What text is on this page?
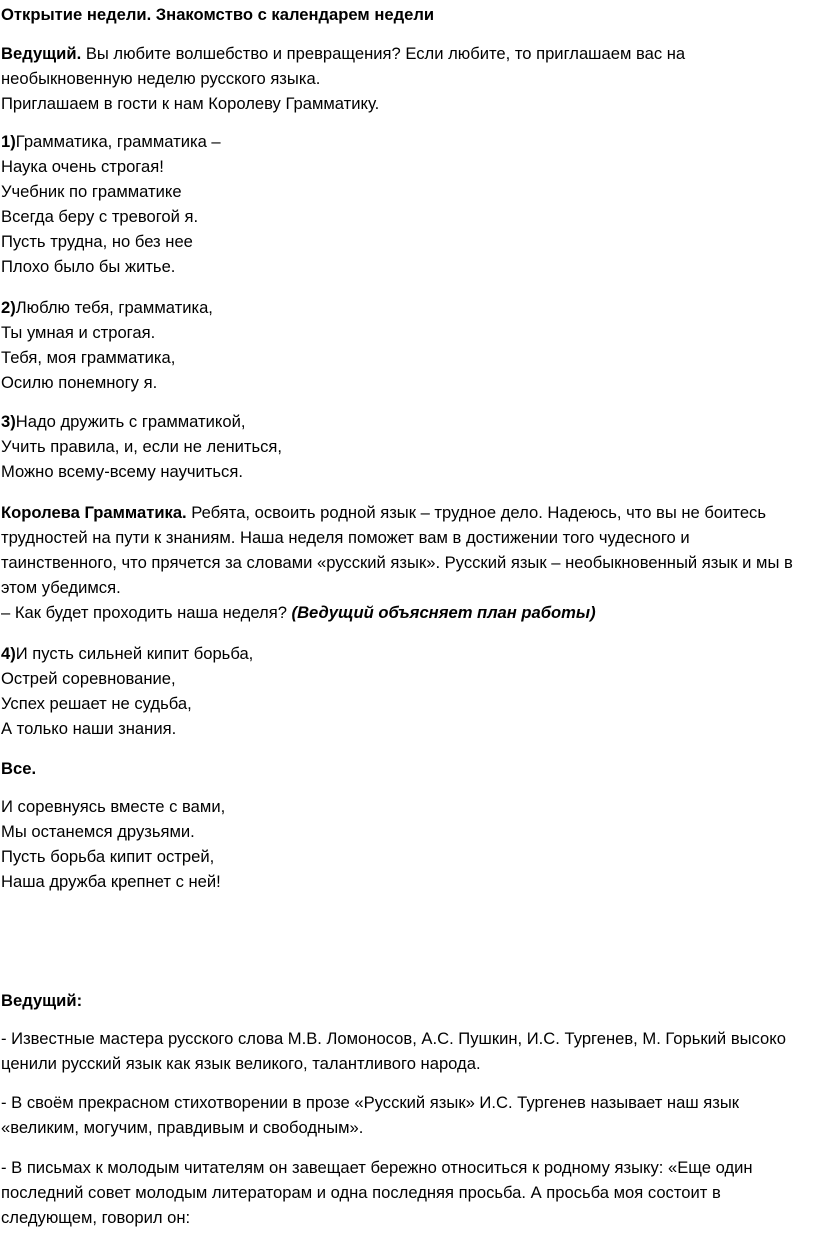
Открытие недели. Знакомство с календарем недели

Ведущий. Вы любите волшебство и превращения? Если любите, то приглашаем вас на необыкновенную неделю русского языка.

Приглашаем в гости к нам Королеву Грамматику.

1)Грамматика, грамматика –

Наука очень строгая!

Учебник по грамматике

Всегда беру с тревогой я.

Пусть трудна, но без нее

Плохо было бы житье.

2)Люблю тебя, грамматика,

Ты умная и строгая.

Тебя, моя грамматика,

Осилю понемногу я.

3)Надо дружить с грамматикой,

Учить правила, и, если не лениться,

Можно всему-всему научиться.

Королева Грамматика. Ребята, освоить родной язык – трудное дело. Надеюсь, что вы не боитесь трудностей на пути к знаниям. Наша неделя поможет вам в достижении того чудесного и таинственного, что прячется за словами «русский язык». Русский язык – необыкновенный язык и мы в этом убедимся.

– Как будет проходить наша неделя? (Ведущий объясняет план работы)

4)И пусть сильней кипит борьба,

Острей соревнование,

Успех решает не судьба,

А только наши знания.

Все.

И соревнуясь вместе с вами,

Мы останемся друзьями.

Пусть борьба кипит острей,

Наша дружба крепнет с ней!

Ведущий:

- Известные мастера русского слова М.В. Ломоносов, А.С. Пушкин, И.С. Тургенев, М. Горький высоко ценили русский язык как язык великого, талантливого народа.

- В своём прекрасном стихотворении в прозе «Русский язык» И.С. Тургенев называет наш язык «великим, могучим, правдивым и свободным».

- В письмах к молодым читателям он завещает бережно относиться к родному языку: «Еще один последний совет молодым литераторам и одна последняя просьба. А просьба моя состоит в следующем, говорил он:
